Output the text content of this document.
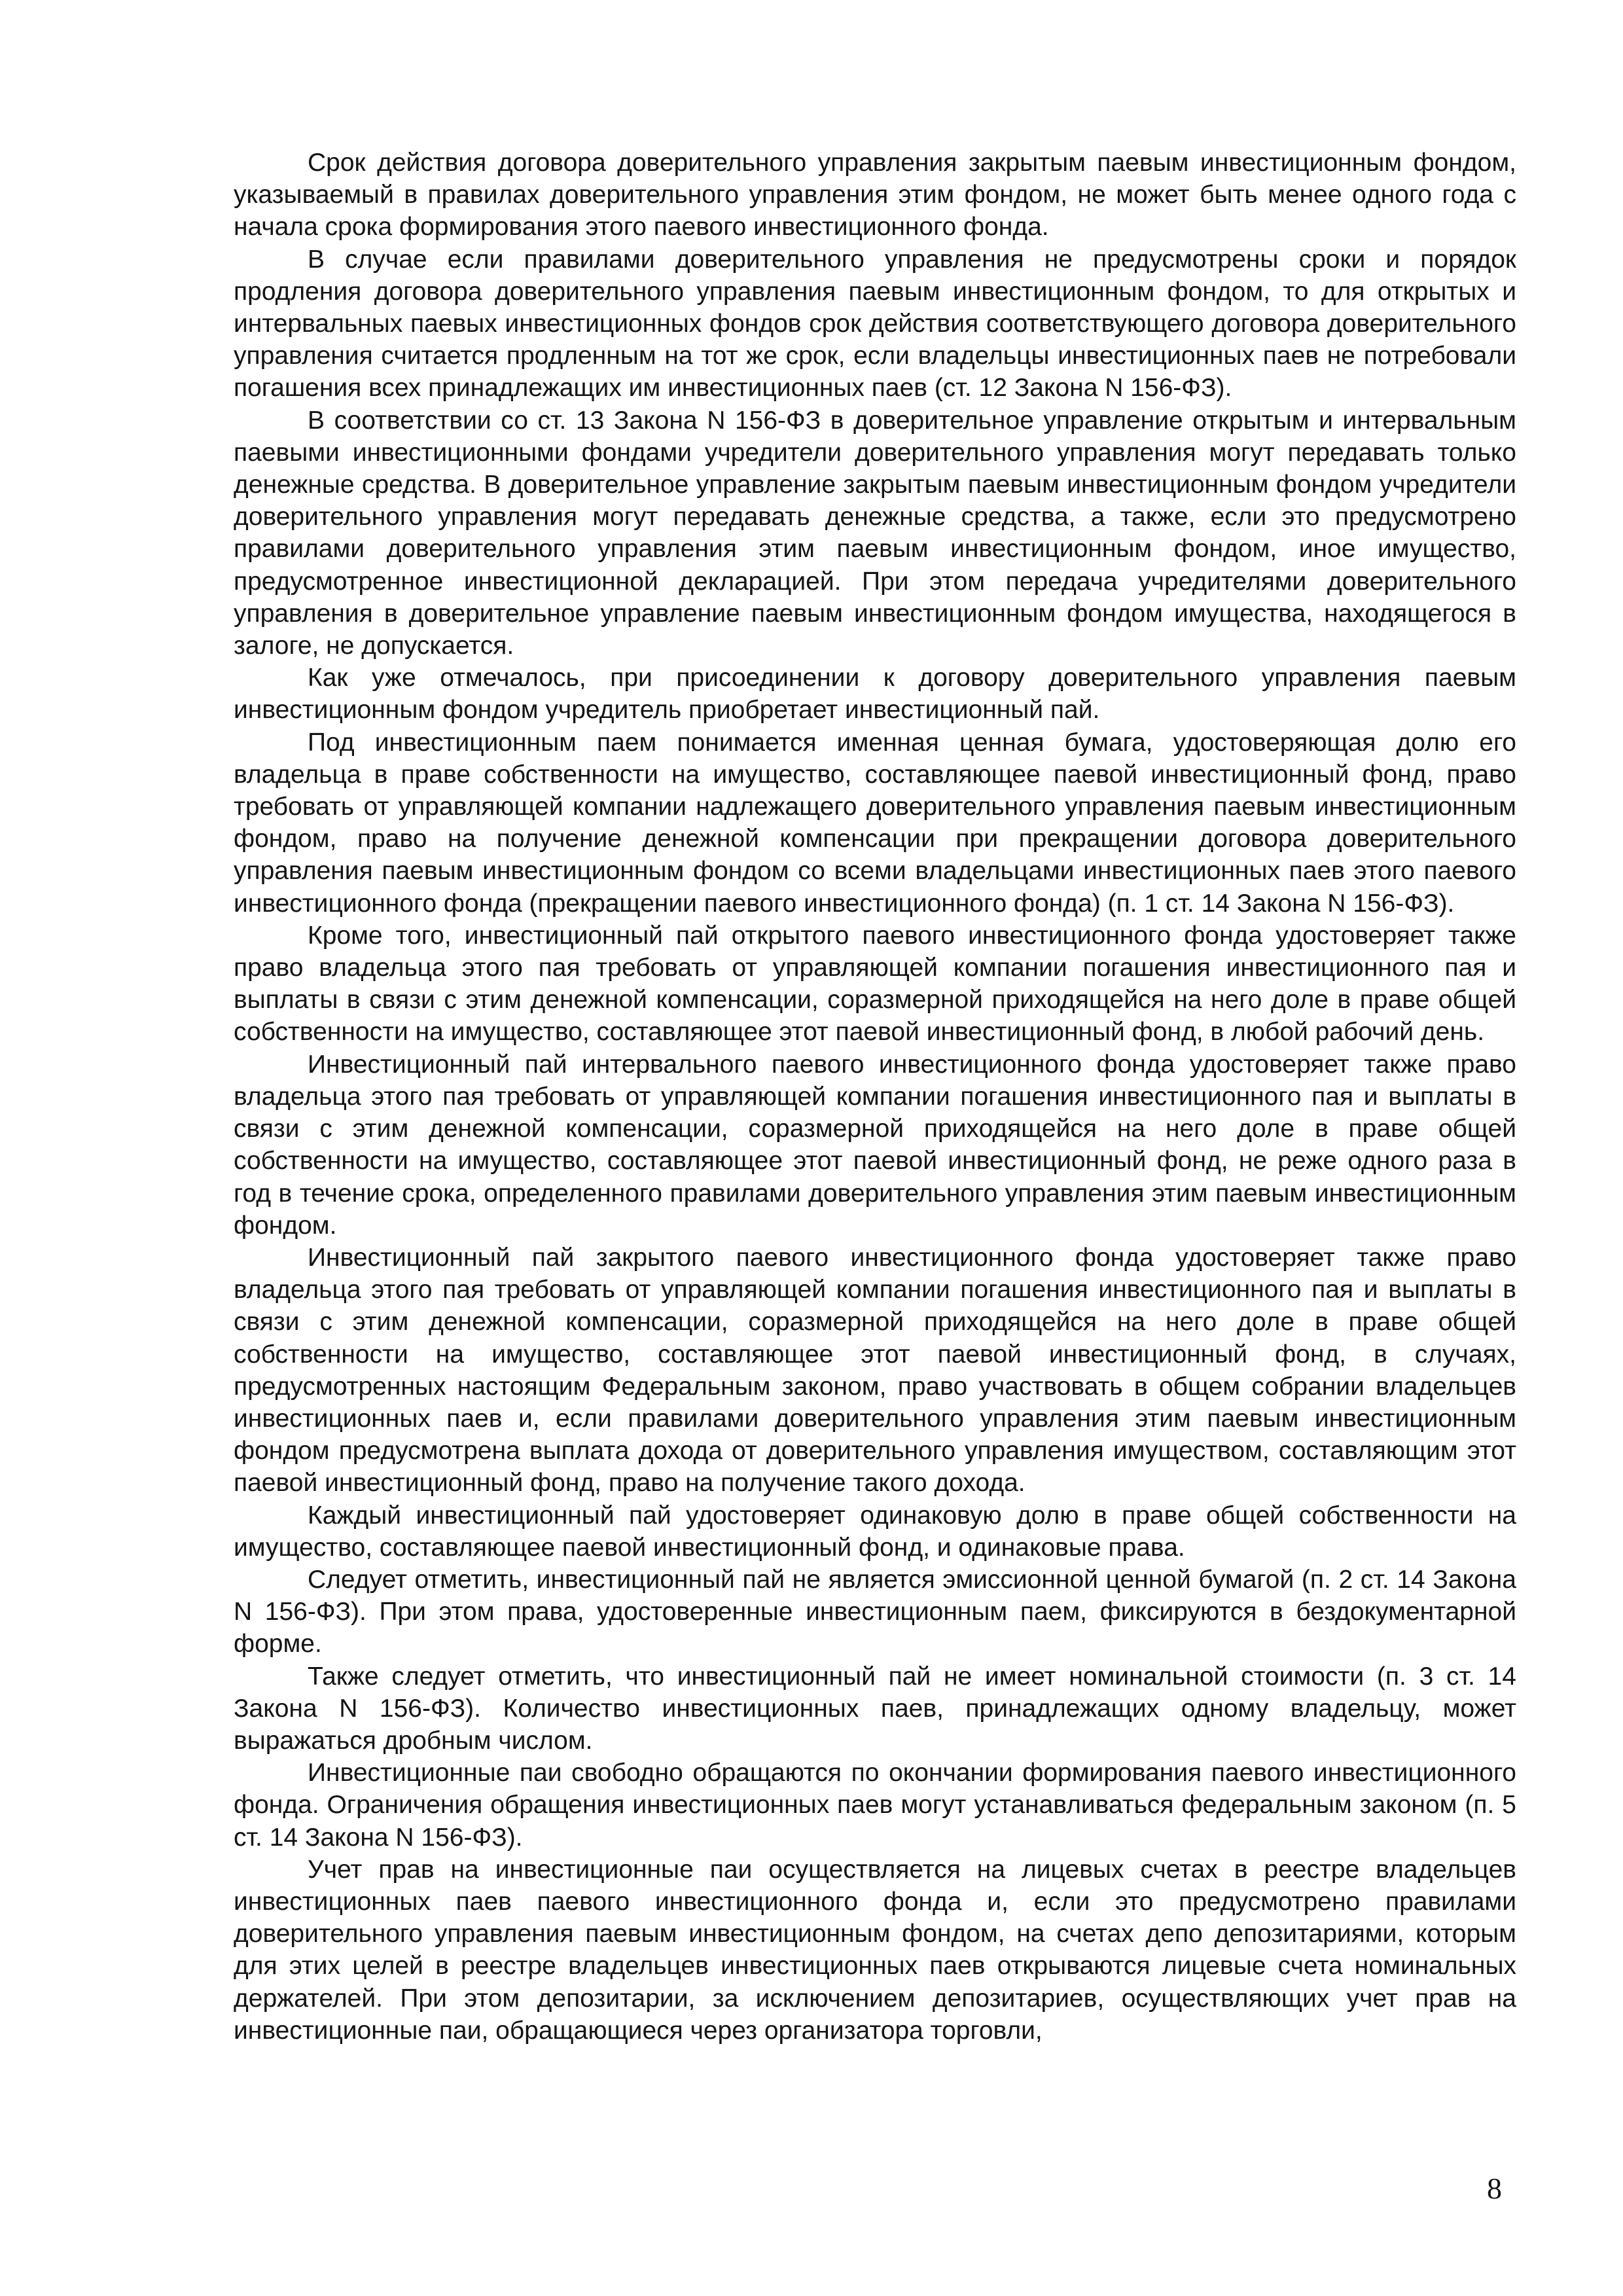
Срок действия договора доверительного управления закрытым паевым инвестиционным фондом, указываемый в правилах доверительного управления этим фондом, не может быть менее одного года с начала срока формирования этого паевого инвестиционного фонда.

В случае если правилами доверительного управления не предусмотрены сроки и порядок продления договора доверительного управления паевым инвестиционным фондом, то для открытых и интервальных паевых инвестиционных фондов срок действия соответствующего договора доверительного управления считается продленным на тот же срок, если владельцы инвестиционных паев не потребовали погашения всех принадлежащих им инвестиционных паев (ст. 12 Закона N 156-ФЗ).

В соответствии со ст. 13 Закона N 156-ФЗ в доверительное управление открытым и интервальным паевыми инвестиционными фондами учредители доверительного управления могут передавать только денежные средства. В доверительное управление закрытым паевым инвестиционным фондом учредители доверительного управления могут передавать денежные средства, а также, если это предусмотрено правилами доверительного управления этим паевым инвестиционным фондом, иное имущество, предусмотренное инвестиционной декларацией. При этом передача учредителями доверительного управления в доверительное управление паевым инвестиционным фондом имущества, находящегося в залоге, не допускается.

Как уже отмечалось, при присоединении к договору доверительного управления паевым инвестиционным фондом учредитель приобретает инвестиционный пай.

Под инвестиционным паем понимается именная ценная бумага, удостоверяющая долю его владельца в праве собственности на имущество, составляющее паевой инвестиционный фонд, право требовать от управляющей компании надлежащего доверительного управления паевым инвестиционным фондом, право на получение денежной компенсации при прекращении договора доверительного управления паевым инвестиционным фондом со всеми владельцами инвестиционных паев этого паевого инвестиционного фонда (прекращении паевого инвестиционного фонда) (п. 1 ст. 14 Закона N 156-ФЗ).

Кроме того, инвестиционный пай открытого паевого инвестиционного фонда удостоверяет также право владельца этого пая требовать от управляющей компании погашения инвестиционного пая и выплаты в связи с этим денежной компенсации, соразмерной приходящейся на него доле в праве общей собственности на имущество, составляющее этот паевой инвестиционный фонд, в любой рабочий день.

Инвестиционный пай интервального паевого инвестиционного фонда удостоверяет также право владельца этого пая требовать от управляющей компании погашения инвестиционного пая и выплаты в связи с этим денежной компенсации, соразмерной приходящейся на него доле в праве общей собственности на имущество, составляющее этот паевой инвестиционный фонд, не реже одного раза в год в течение срока, определенного правилами доверительного управления этим паевым инвестиционным фондом.

Инвестиционный пай закрытого паевого инвестиционного фонда удостоверяет также право владельца этого пая требовать от управляющей компании погашения инвестиционного пая и выплаты в связи с этим денежной компенсации, соразмерной приходящейся на него доле в праве общей собственности на имущество, составляющее этот паевой инвестиционный фонд, в случаях, предусмотренных настоящим Федеральным законом, право участвовать в общем собрании владельцев инвестиционных паев и, если правилами доверительного управления этим паевым инвестиционным фондом предусмотрена выплата дохода от доверительного управления имуществом, составляющим этот паевой инвестиционный фонд, право на получение такого дохода.

Каждый инвестиционный пай удостоверяет одинаковую долю в праве общей собственности на имущество, составляющее паевой инвестиционный фонд, и одинаковые права.

Следует отметить, инвестиционный пай не является эмиссионной ценной бумагой (п. 2 ст. 14 Закона N 156-ФЗ). При этом права, удостоверенные инвестиционным паем, фиксируются в бездокументарной форме.

Также следует отметить, что инвестиционный пай не имеет номинальной стоимости (п. 3 ст. 14 Закона N 156-ФЗ). Количество инвестиционных паев, принадлежащих одному владельцу, может выражаться дробным числом.

Инвестиционные паи свободно обращаются по окончании формирования паевого инвестиционного фонда. Ограничения обращения инвестиционных паев могут устанавливаться федеральным законом (п. 5 ст. 14 Закона N 156-ФЗ).

Учет прав на инвестиционные паи осуществляется на лицевых счетах в реестре владельцев инвестиционных паев паевого инвестиционного фонда и, если это предусмотрено правилами доверительного управления паевым инвестиционным фондом, на счетах депо депозитариями, которым для этих целей в реестре владельцев инвестиционных паев открываются лицевые счета номинальных держателей. При этом депозитарии, за исключением депозитариев, осуществляющих учет прав на инвестиционные паи, обращающиеся через организатора торговли,

8
